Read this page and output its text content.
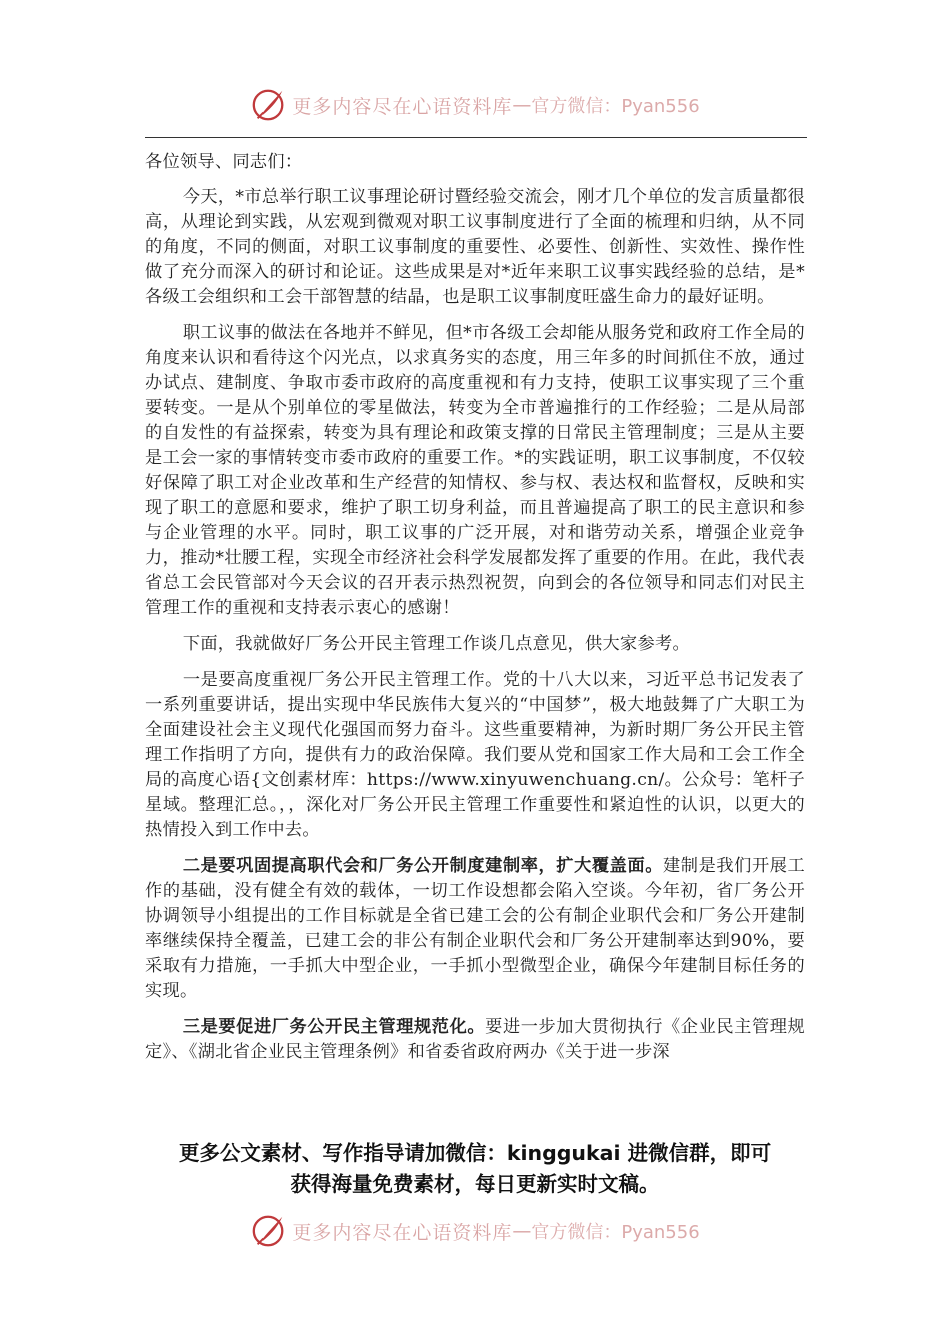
更多内容尽在心语资料库 — 官方微信：Pyan556

各位领导、同志们：

今天，*市总举行职工议事理论研讨暨经验交流会，刚才几个单位的发言质量都很高，从理论到实践，从宏观到微观对职工议事制度进行了全面的梳理和归纳，从不同的角度，不同的侧面，对职工议事制度的重要性、必要性、创新性、实效性、操作性做了充分而深入的研讨和论证。这些成果是对*近年来职工议事实践经验的总结，是*各级工会组织和工会干部智慧的结晶，也是职工议事制度旺盛生命力的最好证明。

职工议事的做法在各地并不鲜见，但*市各级工会却能从服务党和政府工作全局的角度来认识和看待这个闪光点，以求真务实的态度，用三年多的时间抓住不放，通过办试点、建制度、争取市委市政府的高度重视和有力支持，使职工议事实现了三个重要转变。一是从个别单位的零星做法，转变为全市普遍推行的工作经验；二是从局部的自发性的有益探索，转变为具有理论和政策支撑的日常民主管理制度；三是从主要是工会一家的事情转变市委市政府的重要工作。*的实践证明，职工议事制度，不仅较好保障了职工对企业改革和生产经营的知情权、参与权、表达权和监督权，反映和实现了职工的意愿和要求，维护了职工切身利益，而且普遍提高了职工的民主意识和参与企业管理的水平。同时，职工议事的广泛开展，对和谐劳动关系，增强企业竞争力，推动*壮腰工程，实现全市经济社会科学发展都发挥了重要的作用。在此，我代表省总工会民管部对今天会议的召开表示热烈祝贺，向到会的各位领导和同志们对民主管理工作的重视和支持表示衷心的感谢！

下面，我就做好厂务公开民主管理工作谈几点意见，供大家参考。

一是要高度重视厂务公开民主管理工作。党的十八大以来，习近平总书记发表了一系列重要讲话，提出实现中华民族伟大复兴的“中国梦”，极大地鼓舞了广大职工为全面建设社会主义现代化强国而努力奋斗。这些重要精神，为新时期厂务公开民主管理工作指明了方向，提供有力的政治保障。我们要从党和国家工作大局和工会工作全局的高度心语{文创素材库：https://www.xinyuwenchuang.cn/。公众号：笔杆子星域。整理汇总。，，深化对厂务公开民主管理工作重要性和紧迫性的认识，以更大的热情投入到工作中去。

二是要巩固提高职代会和厂务公开制度建制率，扩大覆盖面。建制是我们开展工作的基础，没有健全有效的载体，一切工作设想都会陷入空谈。今年初，省厂务公开协调领导小组提出的工作目标就是全省已建工会的公有制企业职代会和厂务公开建制率继续保持全覆盖，已建工会的非公有制企业职代会和厂务公开建制率达到90%，要采取有力措施，一手抓大中型企业，一手抓小型微型企业，确保今年建制目标任务的实现。

三是要促进厂务公开民主管理规范化。要进一步加大贯彻执行《企业民主管理规定》、《湖北省企业民主管理条例》和省委省政府两办《关于进一步深

更多公文素材、写作指导请加微信：kinggukai 进微信群，即可
获得海量免费素材，每日更新实时文稿。
更多内容尽在心语资料库 — 官方微信：Pyan556
